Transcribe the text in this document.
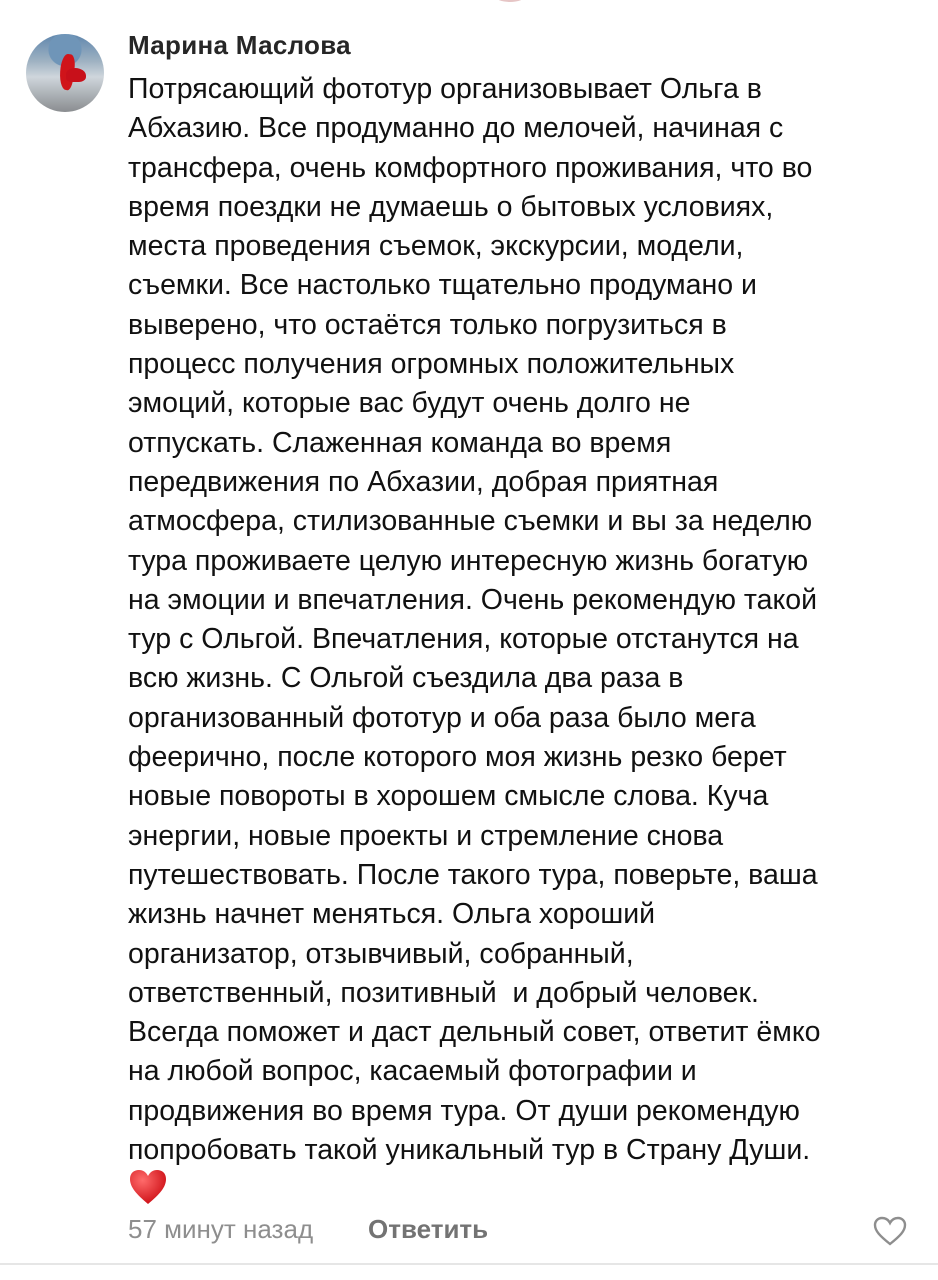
Марина Маслова
Потрясающий фототур организовывает Ольга в
Абхазию. Все продуманно до мелочей, начиная с
трансфера, очень комфортного проживания, что во
время поездки не думаешь о бытовых условиях,
места проведения съемок, экскурсии, модели,
съемки. Все настолько тщательно продумано и
выверено, что остаётся только погрузиться в
процесс получения огромных положительных
эмоций, которые вас будут очень долго не
отпускать. Слаженная команда во время
передвижения по Абхазии, добрая приятная
атмосфера, стилизованные съемки и вы за неделю
тура проживаете целую интересную жизнь богатую
на эмоции и впечатления. Очень рекомендую такой
тур с Ольгой. Впечатления, которые отстанутся на
всю жизнь. С Ольгой съездила два раза в
организованный фототур и оба раза было мега
феерично, после которого моя жизнь резко берет
новые повороты в хорошем смысле слова. Куча
энергии, новые проекты и стремление снова
путешествовать. После такого тура, поверьте, ваша
жизнь начнет меняться. Ольга хороший
организатор, отзывчивый, собранный,
ответственный, позитивный  и добрый человек.
Всегда поможет и даст дельный совет, ответит ёмко
на любой вопрос, касаемый фотографии и
продвижения во время тура. От души рекомендую
попробовать такой уникальный тур в Страну Души.
57 минут назад Ответить
